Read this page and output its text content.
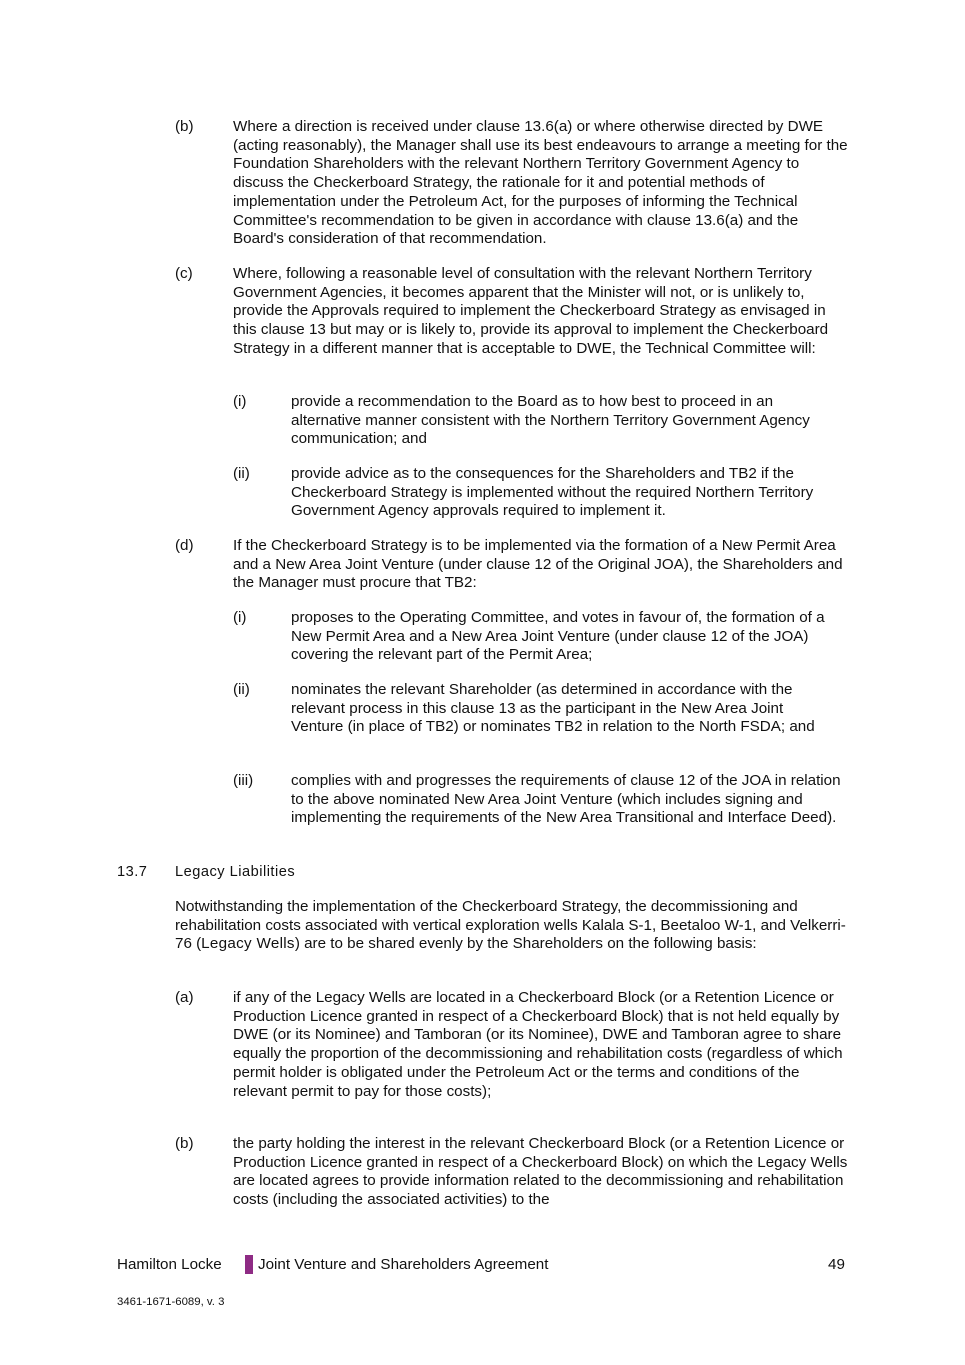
(b)	Where a direction is received under clause 13.6(a) or where otherwise directed by DWE (acting reasonably), the Manager shall use its best endeavours to arrange a meeting for the Foundation Shareholders with the relevant Northern Territory Government Agency to discuss the Checkerboard Strategy, the rationale for it and potential methods of implementation under the Petroleum Act, for the purposes of informing the Technical Committee's recommendation to be given in accordance with clause 13.6(a) and the Board's consideration of that recommendation.

(c)	Where, following a reasonable level of consultation with the relevant Northern Territory Government Agencies, it becomes apparent that the Minister will not, or is unlikely to, provide the Approvals required to implement the Checkerboard Strategy as envisaged in this clause 13 but may or is likely to, provide its approval to implement the Checkerboard Strategy in a different manner that is acceptable to DWE, the Technical Committee will:

(i)	provide a recommendation to the Board as to how best to proceed in an alternative manner consistent with the Northern Territory Government Agency communication; and

(ii)	provide advice as to the consequences for the Shareholders and TB2 if the Checkerboard Strategy is implemented without the required Northern Territory Government Agency approvals required to implement it.

(d)	If the Checkerboard Strategy is to be implemented via the formation of a New Permit Area and a New Area Joint Venture (under clause 12 of the Original JOA), the Shareholders and the Manager must procure that TB2:

(i)	proposes to the Operating Committee, and votes in favour of, the formation of a New Permit Area and a New Area Joint Venture (under clause 12 of the JOA) covering the relevant part of the Permit Area;

(ii)	nominates the relevant Shareholder (as determined in accordance with the relevant process in this clause 13 as the participant in the New Area Joint Venture (in place of TB2) or nominates TB2 in relation to the North FSDA; and

(iii) complies with and progresses the requirements of clause 12 of the JOA in relation to the above nominated New Area Joint Venture (which includes signing and implementing the requirements of the New Area Transitional and Interface Deed).

13.7 Legacy Liabilities

Notwithstanding the implementation of the Checkerboard Strategy, the decommissioning and rehabilitation costs associated with vertical exploration wells Kalala S-1, Beetaloo W-1, and Velkerri-76 (Legacy Wells) are to be shared evenly by the Shareholders on the following basis:

(a)	if any of the Legacy Wells are located in a Checkerboard Block (or a Retention Licence or Production Licence granted in respect of a Checkerboard Block) that is not held equally by DWE (or its Nominee) and Tamboran (or its Nominee), DWE and Tamboran agree to share equally the proportion of the decommissioning and rehabilitation costs (regardless of which permit holder is obligated under the Petroleum Act or the terms and conditions of the relevant permit to pay for those costs);

(b)	the party holding the interest in the relevant Checkerboard Block (or a Retention Licence or Production Licence granted in respect of a Checkerboard Block) on which the Legacy Wells are located agrees to provide information related to the decommissioning and rehabilitation costs (including the associated activities) to the

Hamilton Locke Joint Venture and Shareholders Agreement	49
3461-1671-6089, v. 3
